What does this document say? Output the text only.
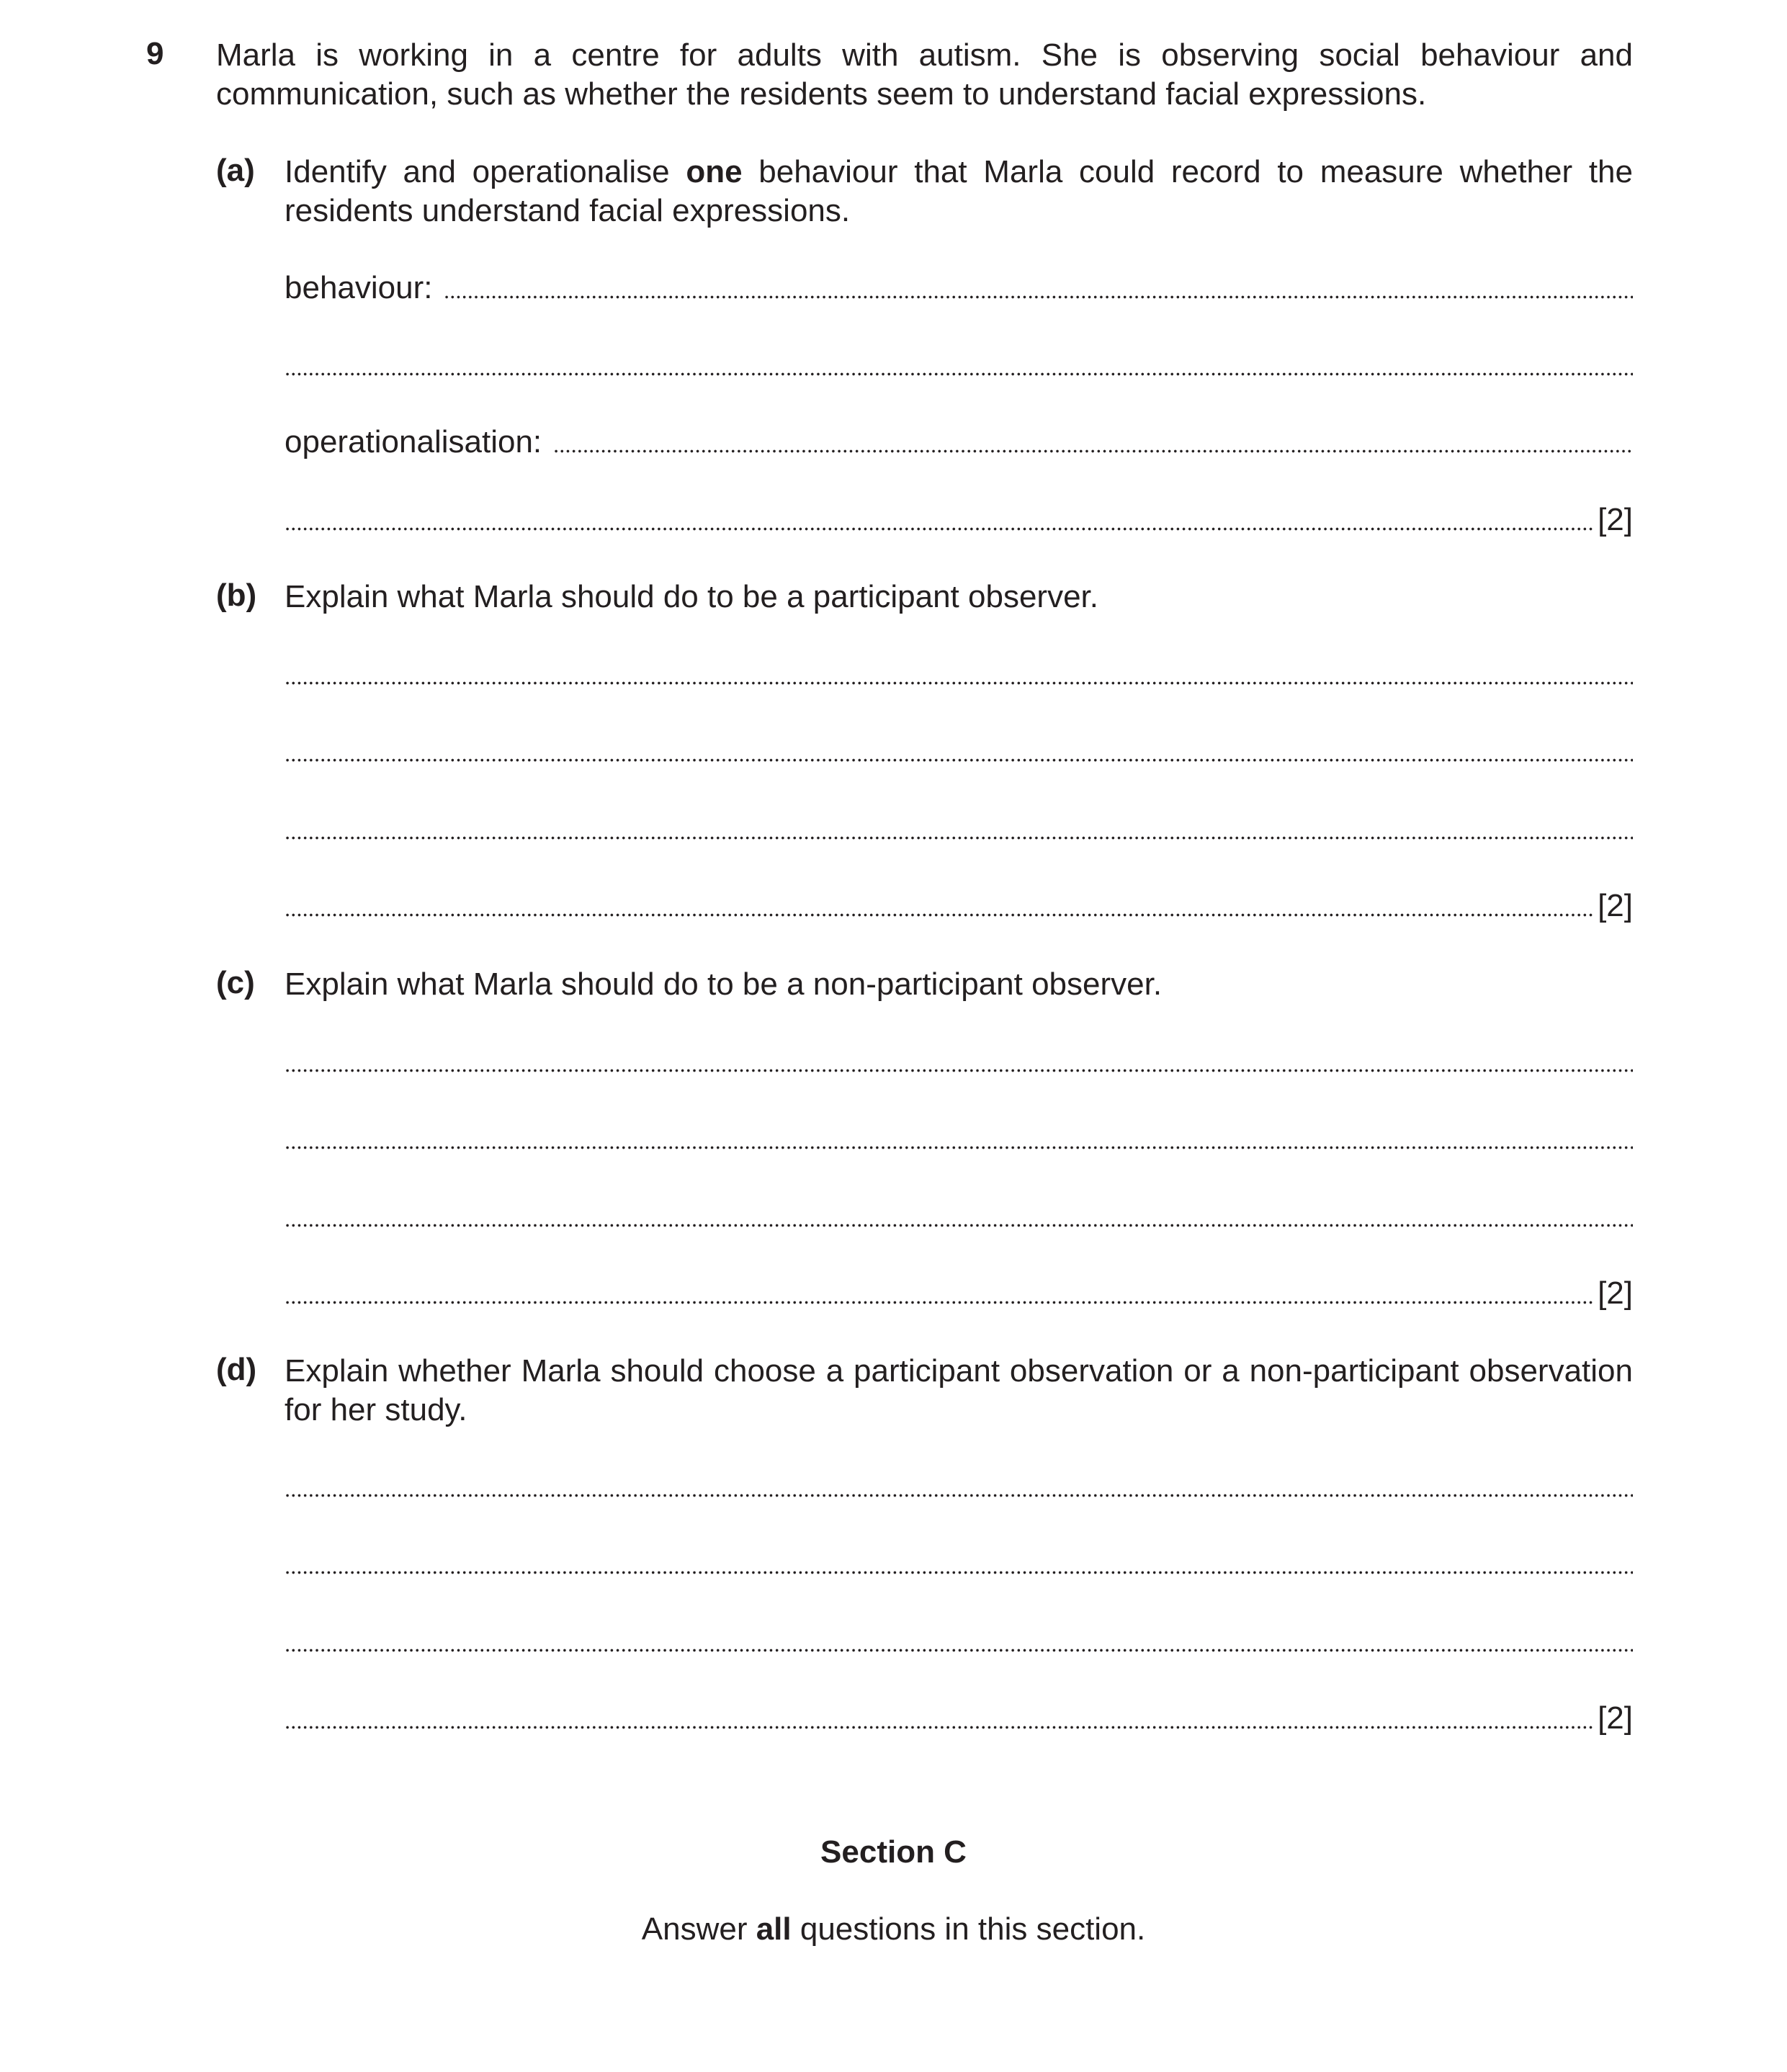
9 Marla is working in a centre for adults with autism. She is observing social behaviour and communication, such as whether the residents seem to understand facial expressions.
(a) Identify and operationalise one behaviour that Marla could record to measure whether the residents understand facial expressions.
behaviour:
operationalisation:
[2]
(b) Explain what Marla should do to be a participant observer.
[2]
(c) Explain what Marla should do to be a non-participant observer.
[2]
(d) Explain whether Marla should choose a participant observation or a non-participant observation for her study.
[2]
Section C
Answer all questions in this section.
